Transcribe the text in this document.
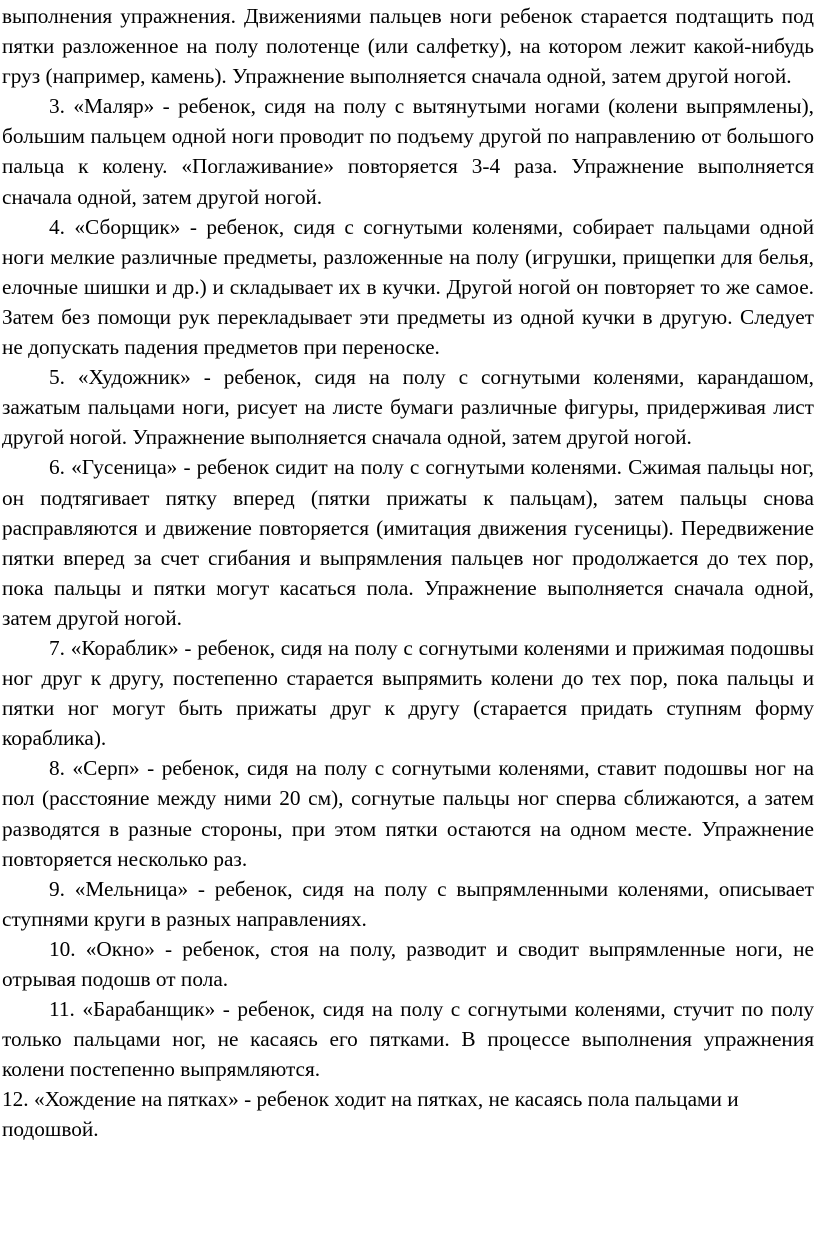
выполнения упражнения. Движениями пальцев ноги ребенок старается подтащить под пятки разложенное на полу полотенце (или салфетку), на котором лежит какой-нибудь груз (например, камень). Упражнение выполняется сначала одной, затем другой ногой.

3. «Маляр» - ребенок, сидя на полу с вытянутыми ногами (колени выпрямлены), большим пальцем одной ноги проводит по подъему другой по направлению от большого пальца к колену. «Поглаживание» повторяется 3-4 раза. Упражнение выполняется сначала одной, затем другой ногой.

4. «Сборщик» - ребенок, сидя с согнутыми коленями, собирает пальцами одной ноги мелкие различные предметы, разложенные на полу (игрушки, прищепки для белья, елочные шишки и др.) и складывает их в кучки. Другой ногой он повторяет то же самое. Затем без помощи рук перекладывает эти предметы из одной кучки в другую. Следует не допускать падения предметов при переноске.

5. «Художник» - ребенок, сидя на полу с согнутыми коленями, карандашом, зажатым пальцами ноги, рисует на листе бумаги различные фигуры, придерживая лист другой ногой. Упражнение выполняется сначала одной, затем другой ногой.

6. «Гусеница» - ребенок сидит на полу с согнутыми коленями. Сжимая пальцы ног, он подтягивает пятку вперед (пятки прижаты к пальцам), затем пальцы снова расправляются и движение повторяется (имитация движения гусеницы). Передвижение пятки вперед за счет сгибания и выпрямления пальцев ног продолжается до тех пор, пока пальцы и пятки могут касаться пола. Упражнение выполняется сначала одной, затем другой ногой.

7. «Кораблик» - ребенок, сидя на полу с согнутыми коленями и прижимая подошвы ног друг к другу, постепенно старается выпрямить колени до тех пор, пока пальцы и пятки ног могут быть прижаты друг к другу (старается придать ступням форму кораблика).

8. «Серп» - ребенок, сидя на полу с согнутыми коленями, ставит подошвы ног на пол (расстояние между ними 20 см), согнутые пальцы ног сперва сближаются, а затем разводятся в разные стороны, при этом пятки остаются на одном месте. Упражнение повторяется несколько раз.

9. «Мельница» - ребенок, сидя на полу с выпрямленными коленями, описывает ступнями круги в разных направлениях.

10. «Окно» - ребенок, стоя на полу, разводит и сводит выпрямленные ноги, не отрывая подошв от пола.

11. «Барабанщик» - ребенок, сидя на полу с согнутыми коленями, стучит по полу только пальцами ног, не касаясь его пятками. В процессе выполнения упражнения колени постепенно выпрямляются.

12. «Хождение на пятках» - ребенок ходит на пятках, не касаясь пола пальцами и подошвой.
